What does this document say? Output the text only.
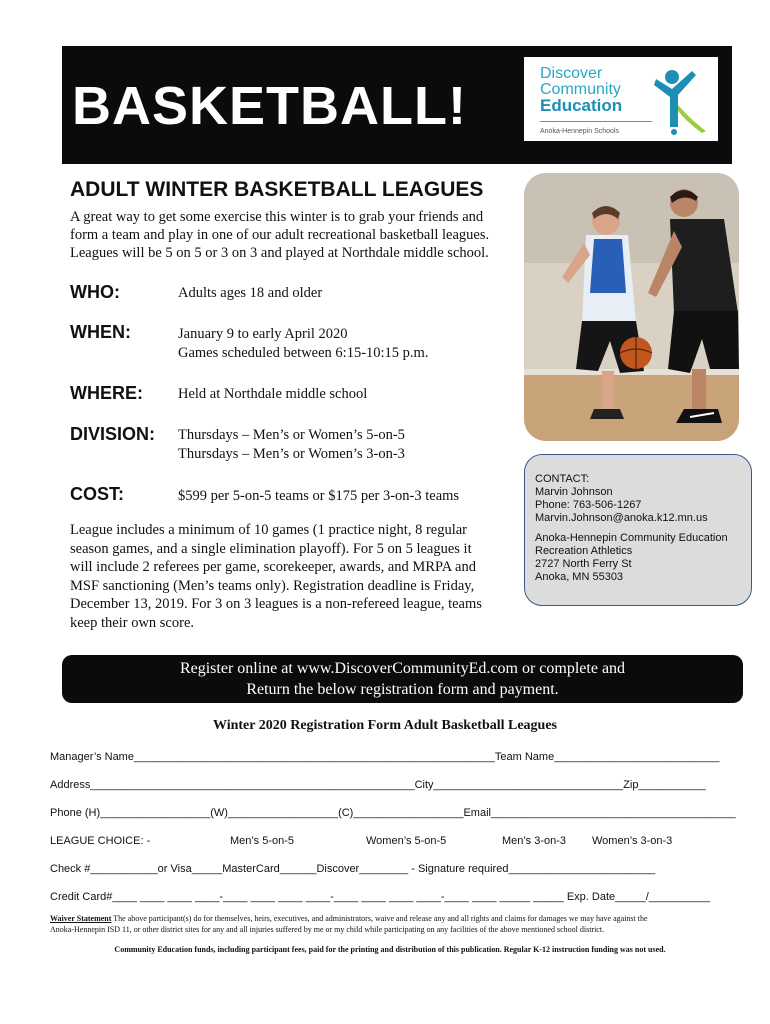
BASKETBALL!
Discover
Community
Education
Anoka-Hennepin Schools
ADULT WINTER BASKETBALL LEAGUES
A great way to get some exercise this winter is to grab your friends and
form a team and play in one of our adult recreational basketball leagues.
Leagues will be 5 on 5 or 3 on 3 and played at Northdale middle school.
WHO:	Adults ages 18 and older
WHEN:	January 9 to early April 2020
Games scheduled between 6:15-10:15 p.m.
WHERE: Held at Northdale middle school
DIVISION: Thursdays – Men’s or Women’s 5-on-5
Thursdays – Men’s or Women’s 3-on-3
COST:	$599 per 5-on-5 teams or $175 per 3-on-3 teams
League includes a minimum of 10 games (1 practice night, 8 regular
season games, and a single elimination playoff). For 5 on 5 leagues it
will include 2 referees per game, scorekeeper, awards, and MRPA and
MSF sanctioning (Men’s teams only). Registration deadline is Friday,
December 13, 2019. For 3 on 3 leagues is a non-refereed league, teams
keep their own score.
CONTACT:
Marvin Johnson
Phone: 763-506-1267
Marvin.Johnson@anoka.k12.mn.us
Anoka-Hennepin Community Education
Recreation Athletics
2727 North Ferry St
Anoka, MN 55303
Register online at www.DiscoverCommunityEd.com or complete and
Return the below registration form and payment.
Winter 2020 Registration Form Adult Basketball Leagues
Manager’s Name___________________________________________________________Team Name___________________________
Address_____________________________________________________City_______________________________Zip___________
Phone (H)__________________(W)__________________(C)__________________Email________________________________________
LEAGUE CHOICE: -	Men’s 5-on-5	Women’s 5-on-5	Men’s 3-on-3 Women’s 3-on-3
Check #___________or Visa_____MasterCard______Discover________ - Signature required________________________
Credit Card#____ ____ ____ ____-____ ____ ____ ____-____ ____ ____ ____-____ ____ _____ _____ Exp. Date_____/__________
Waiver Statement The above participant(s) do for themselves, heirs, executives, and administrators, waive and release any and all rights and claims for damages we may have against the
Anoka-Hennepin ISD 11, or other district sites for any and all injuries suffered by me or my child while participating on any facilities of the above mentioned school district.
Community Education funds, including participant fees, paid for the printing and distribution of this publication. Regular K-12 instruction funding was not used.
